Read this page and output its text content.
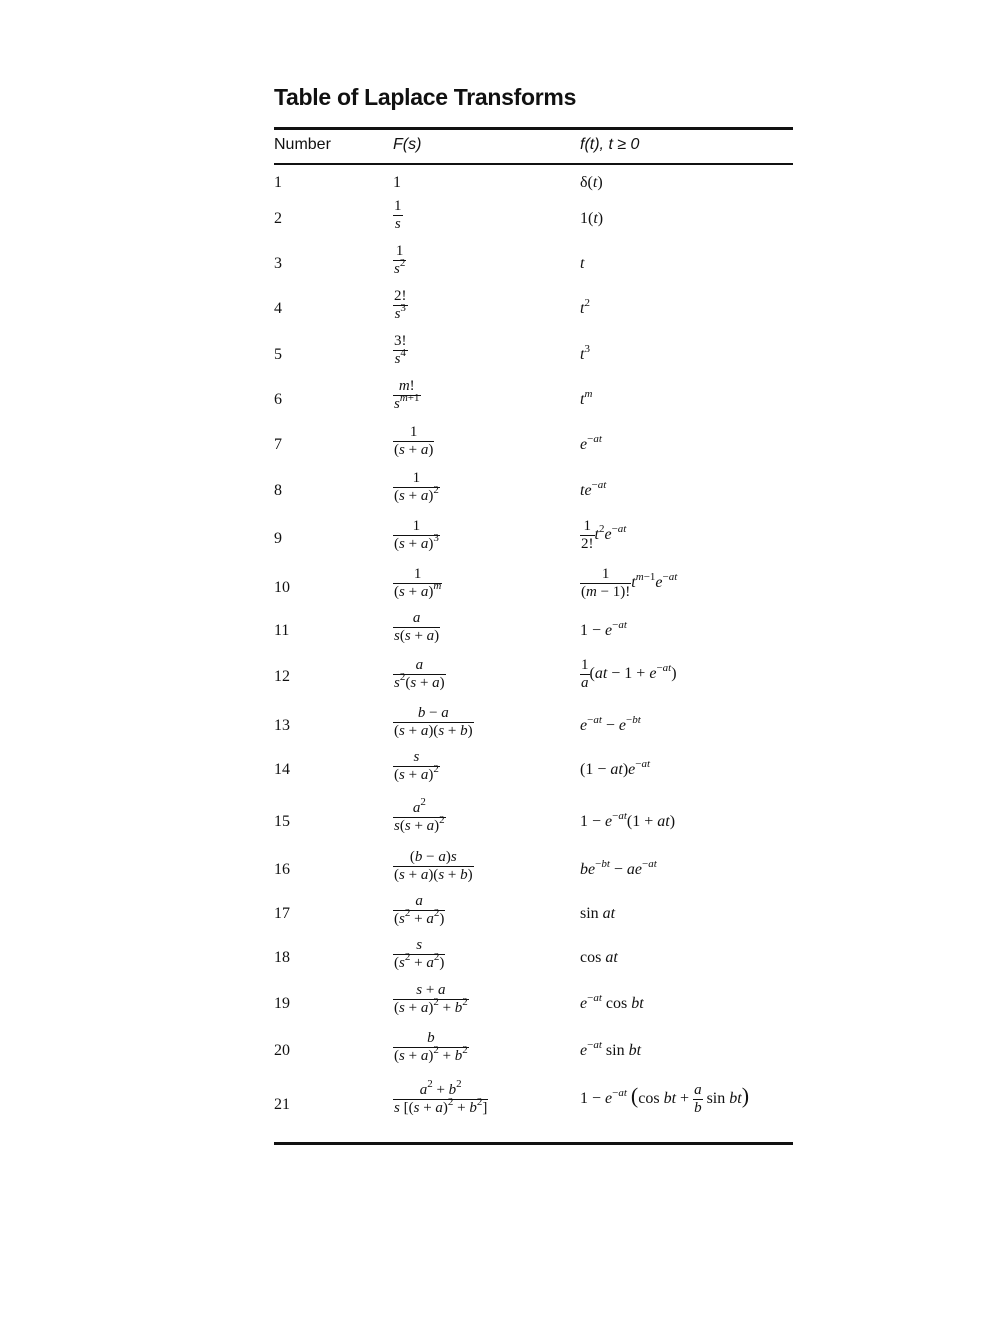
Table of Laplace Transforms
Number	F(s)	f(t), t ≥ 0
1
2
3
4
5
6
7
8
9
10
11
12
13
14
15
16
17
18
19
20
21
1
$\frac{1}{s}$
$\frac{1}{s^2}$
$\frac{2!}{s^3}$
$\frac{3!}{s^4}$
$\frac{m!}{s^{m+1}}$
$\frac{1}{(s + a)}$
$\frac{1}{(s + a)^2}$
$\frac{1}{(s + a)^3}$
$\frac{1}{(s + a)^m}$
$\frac{a}{s(s + a)}$
$\frac{a}{s^2(s + a)}$
$\frac{b - a}{(s + a)(s + b)}$
$\frac{s}{(s + a)^2}$
$\frac{a^2}{s(s + a)^2}$
$\frac{(b - a)s}{(s + a)(s + b)}$
$\frac{a}{(s^2 + a^2)}$
$\frac{s}{(s^2 + a^2)}$
$\frac{s + a}{(s + a)^2 + b^2}$
$\frac{b}{(s + a)^2 + b^2}$
$\frac{a^2 + b^2}{s [(s + a)^2 + b^2]}$
δ(t)
1(t)
t
$t^2$
$t^3$
$t^m$
$e^{-at}$
$te^{-at}$
$\frac{1}{2!} t^2e^{-at}$
$\frac{1}{(m - 1)!} t^{m-1}e^{-at}$
$1 - e^{-at}$
$\frac{1}{a} (at - 1 + e^{-at})$
$e^{-at} - e^{-bt}$
$(1 - at)e^{-at}$
$1 - e^{-at}(1 + at)$
$be^{-bt} - ae^{-at}$
sin at
cos at
$e^{-at}$ cos bt
$e^{-at}$ sin bt
$1 - e^{-at}$ (cos bt + $\frac{a}{b}$ sin bt)
